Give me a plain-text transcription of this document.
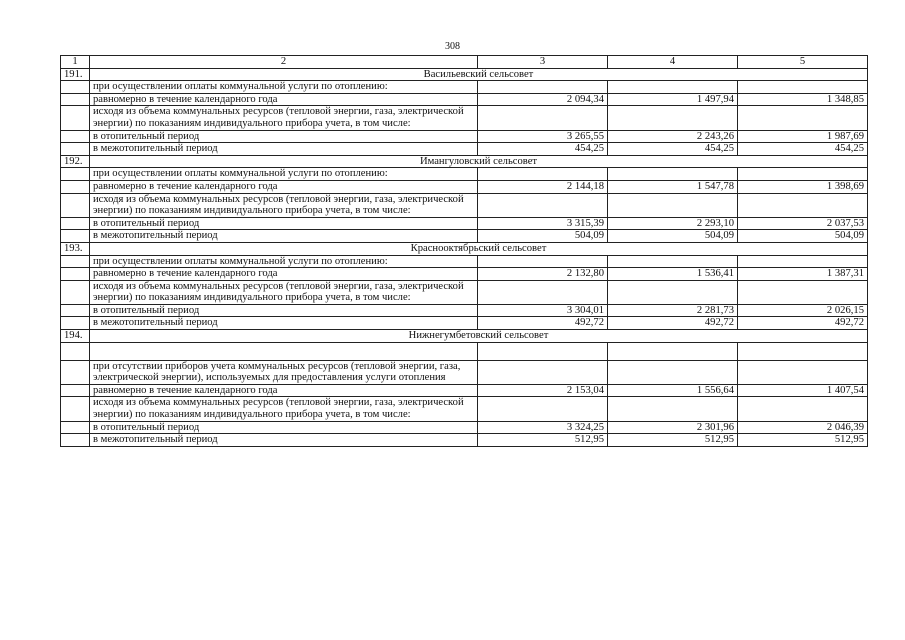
308
1	2	3	4	5
191.	Васильевский сельсовет			
	при осуществлении оплаты коммунальной услуги по отоплению:			
	равномерно в течение календарного года	2 094,34	1 497,94	1 348,85
	исходя из объема коммунальных ресурсов (тепловой энергии, газа, электрической энергии) по показаниям индивидуального прибора учета, в том числе:			
	в отопительный период	3 265,55	2 243,26	1 987,69
	в межотопительный период	454,25	454,25	454,25
192.	Имангуловский сельсовет			
	при осуществлении оплаты коммунальной услуги по отоплению:			
	равномерно в течение календарного года	2 144,18	1 547,78	1 398,69
	исходя из объема коммунальных ресурсов (тепловой энергии, газа, электрической энергии) по показаниям индивидуального прибора учета, в том числе:			
	в отопительный период	3 315,39	2 293,10	2 037,53
	в межотопительный период	504,09	504,09	504,09
193.	Краснооктябрьский сельсовет			
	при осуществлении оплаты коммунальной услуги по отоплению:			
	равномерно в течение календарного года	2 132,80	1 536,41	1 387,31
	исходя из объема коммунальных ресурсов (тепловой энергии, газа, электрической энергии) по показаниям индивидуального прибора учета, в том числе:			
	в отопительный период	3 304,01	2 281,73	2 026,15
	в межотопительный период	492,72	492,72	492,72
194.	Нижнегумбетовский сельсовет			

	при отсутствии приборов учета коммунальных ресурсов (тепловой энергии, газа, электрической энергии), используемых для предоставления услуги отопления			
	равномерно в течение календарного года	2 153,04	1 556,64	1 407,54
	исходя из объема коммунальных ресурсов (тепловой энергии, газа, электрической энергии) по показаниям индивидуального прибора учета, в том числе:			
	в отопительный период	3 324,25	2 301,96	2 046,39
	в межотопительный период	512,95	512,95	512,95
